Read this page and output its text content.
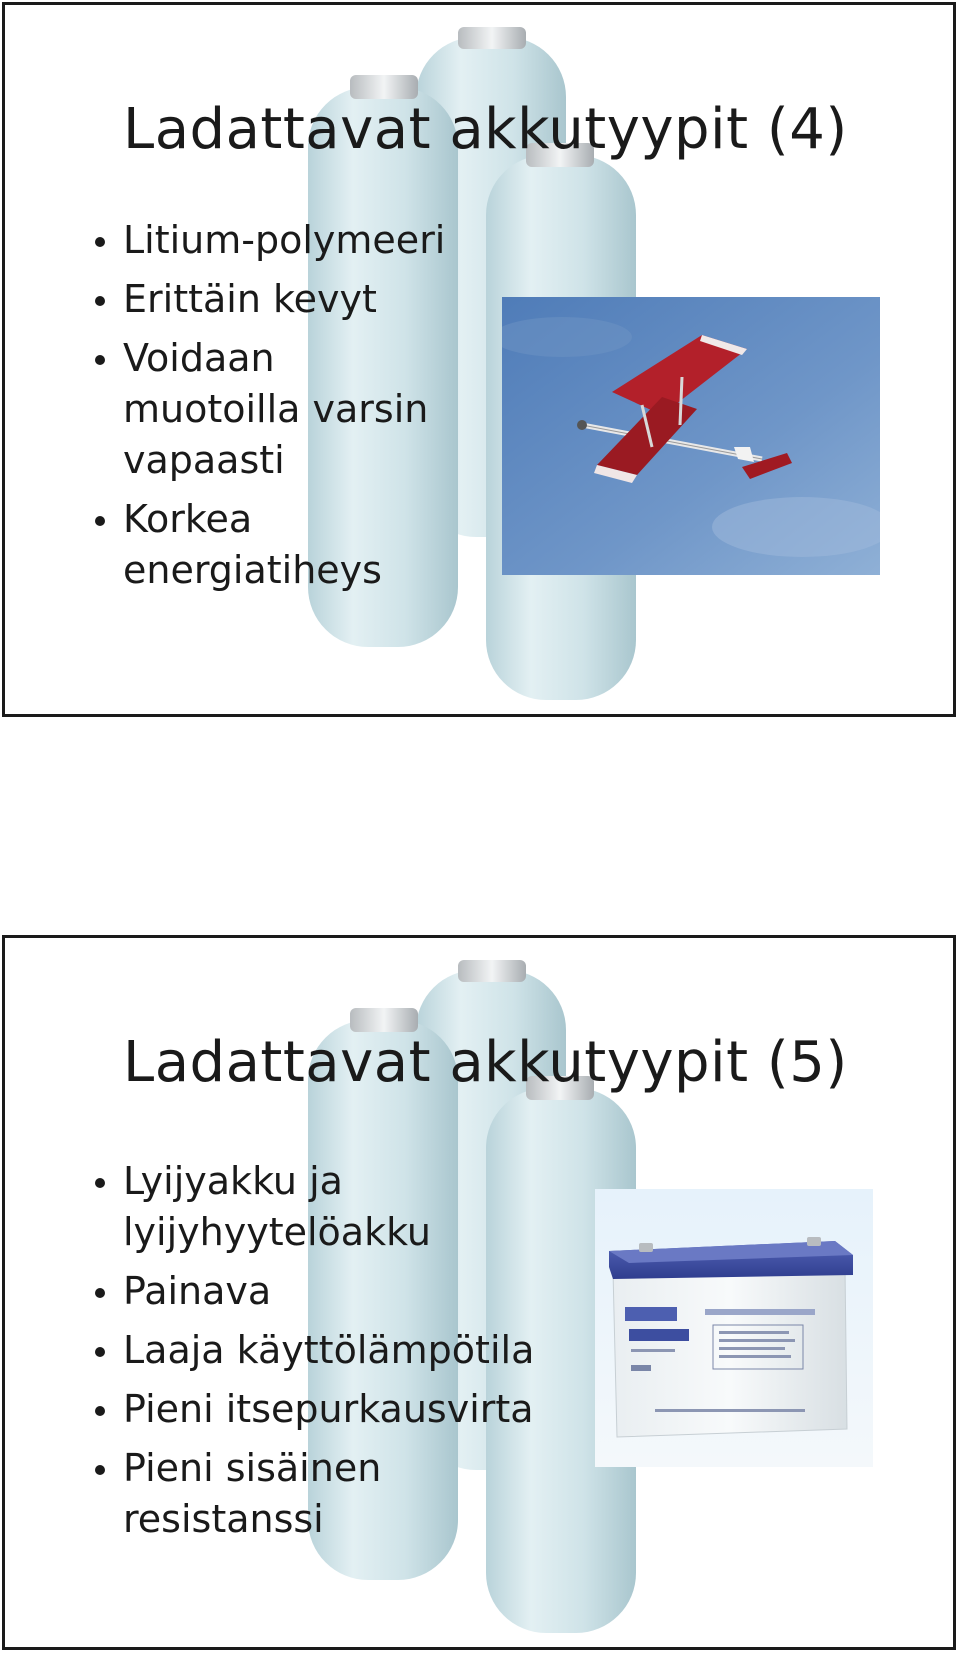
Ladattavat akkutyypit (4)
Litium-polymeeri
Erittäin kevyt
Voidaan
muotoilla varsin
vapaasti
Korkea
energiatiheys
Ladattavat akkutyypit (5)
Lyijyakku ja
lyijyhyytelöakku
Painava
Laaja käyttölämpötila
Pieni itsepurkausvirta
Pieni sisäinen
resistanssi
